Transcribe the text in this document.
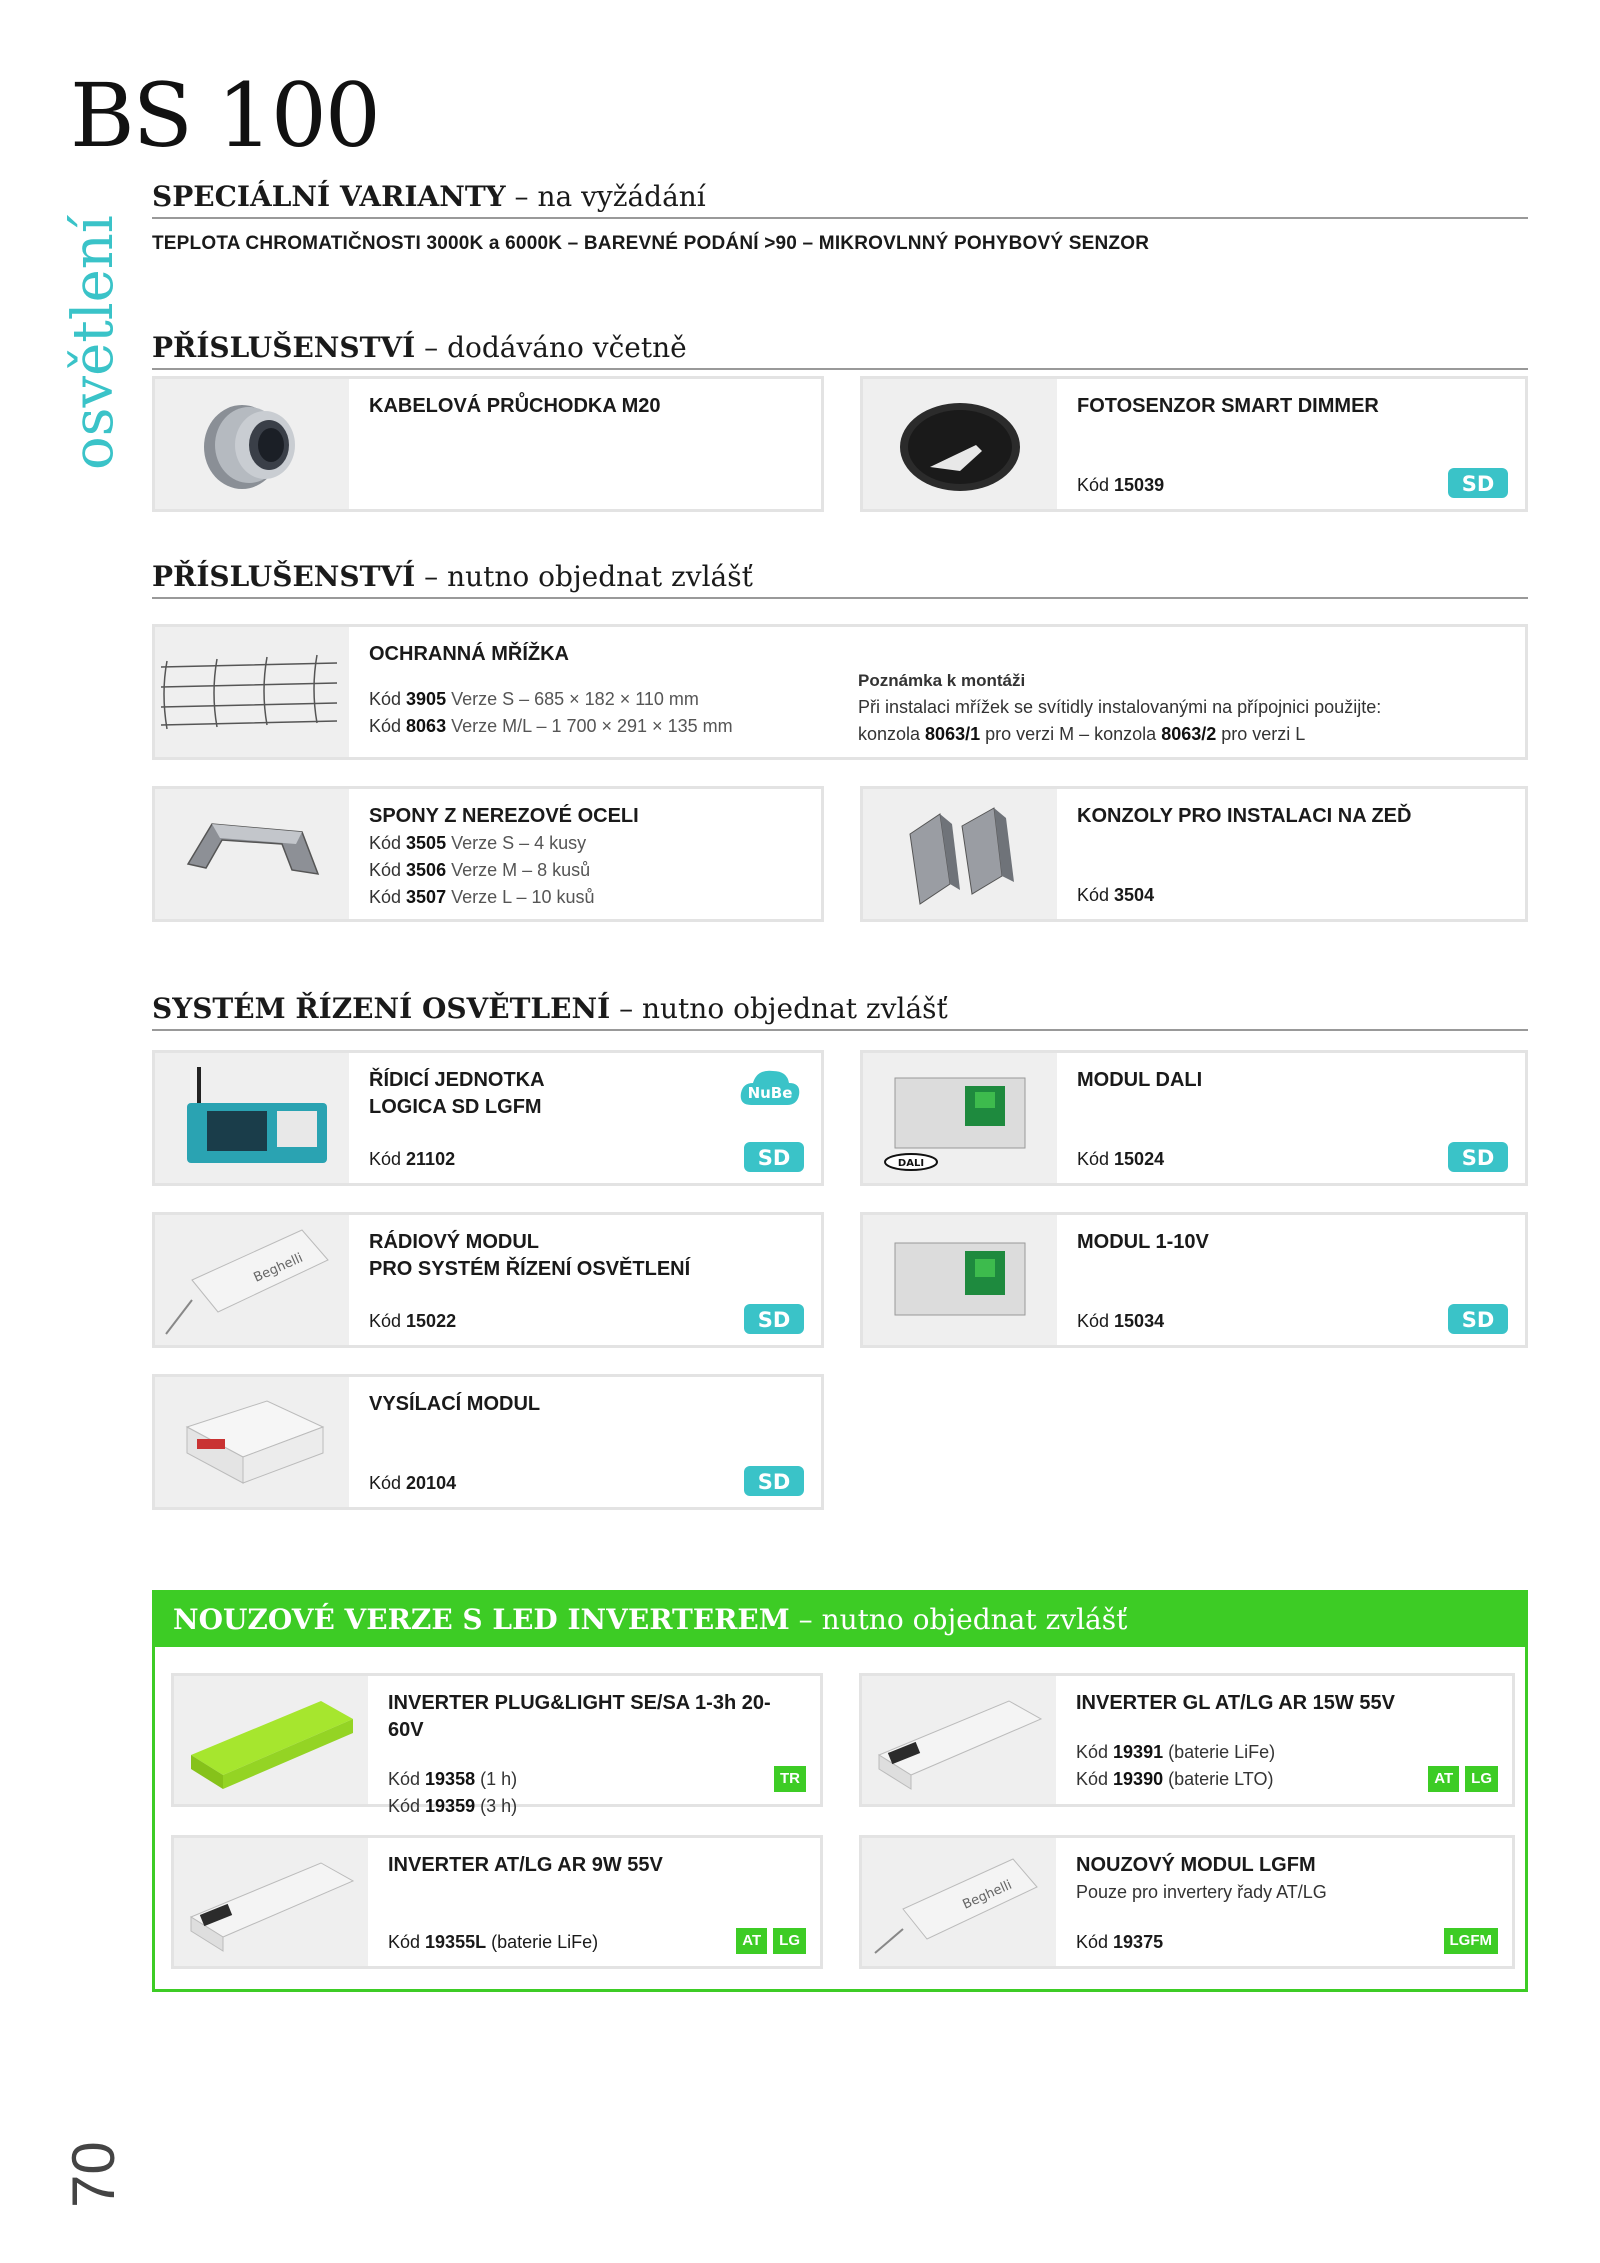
BS 100
osvětlení
70
SPECIÁLNÍ VARIANTY – na vyžádání
TEPLOTA CHROMATIČNOSTI 3000K a 6000K – BAREVNÉ PODÁNÍ >90 – MIKROVLNNÝ POHYBOVÝ SENZOR
PŘÍSLUŠENSTVÍ – dodáváno včetně
KABELOVÁ PRŮCHODKA M20	FOTOSENZOR SMART DIMMER
Kód 15039	SD
PŘÍSLUŠENSTVÍ – nutno objednat zvlášť
OCHRANNÁ MŘÍŽKA
Kód 3905 Verze S – 685 × 182 × 110 mm
Kód 8063 Verze M/L – 1 700 × 291 × 135 mm
Poznámka k montáži
Při instalaci mřížek se svítidly instalovanými na přípojnici použijte:
konzola 8063/1 pro verzi M – konzola 8063/2 pro verzi L
SPONY Z NEREZOVÉ OCELI
Kód 3505 Verze S – 4 kusy
Kód 3506 Verze M – 8 kusů
Kód 3507 Verze L – 10 kusů
KONZOLY PRO INSTALACI NA ZEĎ
Kód 3504
SYSTÉM ŘÍZENÍ OSVĚTLENÍ – nutno objednat zvlášť
ŘÍDICÍ JEDNOTKA
LOGICA SD LGFM
Kód 21102
NuBe
SD	DALI
MODUL DALI
Kód 15024	SD
Beghelli
RÁDIOVÝ MODUL
PRO SYSTÉM ŘÍZENÍ OSVĚTLENÍ
Kód 15022	SD
MODUL 1-10V
Kód 15034	SD
VYSÍLACÍ MODUL
Kód 20104	SD
NOUZOVÉ VERZE S LED INVERTEREM – nutno objednat zvlášť
INVERTER PLUG&LIGHT SE/SA 1-3h 20-60V
Kód 19358 (1 h)
Kód 19359 (3 h)
TR
INVERTER GL AT/LG AR 15W 55V
Kód 19391 (baterie LiFe)
Kód 19390 (baterie LTO)	AT	LG
INVERTER AT/LG AR 9W 55V
Kód 19355L (baterie LiFe)	AT	LG
Beghelli
NOUZOVÝ MODUL LGFM
Pouze pro invertery řady AT/LG
Kód 19375	LGFM
